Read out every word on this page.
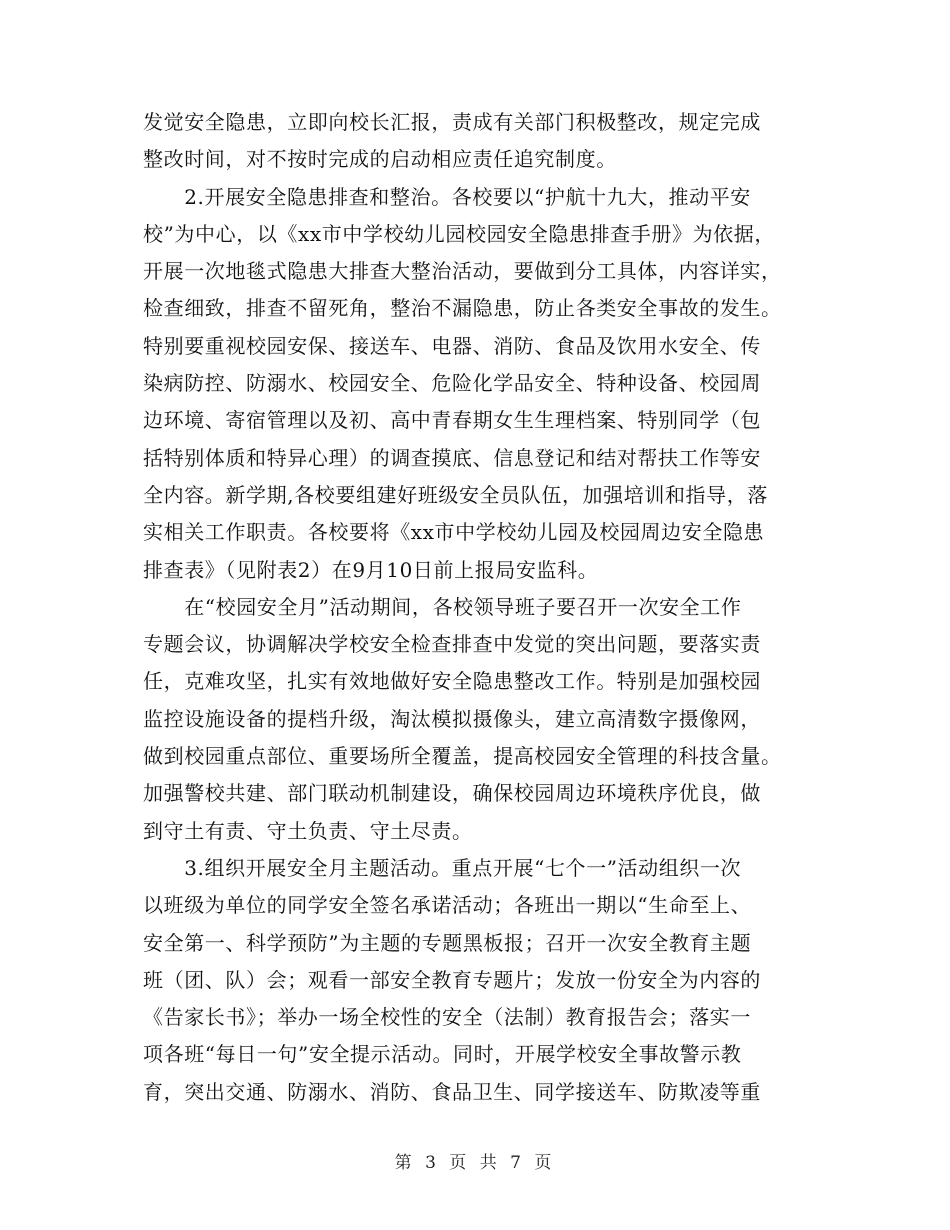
发觉安全隐患，立即向校长汇报，责成有关部门积极整改，规定完成
整改时间，对不按时完成的启动相应责任追究制度。
　　2.开展安全隐患排查和整治。各校要以“护航十九大，推动平安
校”为中心，以《xx市中学校幼儿园校园安全隐患排查手册》为依据，
开展一次地毯式隐患大排查大整治活动，要做到分工具体，内容详实，
检查细致，排查不留死角，整治不漏隐患，防止各类安全事故的发生。
特别要重视校园安保、接送车、电器、消防、食品及饮用水安全、传
染病防控、防溺水、校园安全、危险化学品安全、特种设备、校园周
边环境、寄宿管理以及初、高中青春期女生生理档案、特别同学（包
括特别体质和特异心理）的调查摸底、信息登记和结对帮扶工作等安
全内容。新学期,各校要组建好班级安全员队伍，加强培训和指导，落
实相关工作职责。各校要将《xx市中学校幼儿园及校园周边安全隐患
排查表》（见附表2）在9月10日前上报局安监科。
　　在“校园安全月”活动期间，各校领导班子要召开一次安全工作
专题会议，协调解决学校安全检查排查中发觉的突出问题，要落实责
任，克难攻坚，扎实有效地做好安全隐患整改工作。特别是加强校园
监控设施设备的提档升级，淘汰模拟摄像头，建立高清数字摄像网，
做到校园重点部位、重要场所全覆盖，提高校园安全管理的科技含量。
加强警校共建、部门联动机制建设，确保校园周边环境秩序优良，做
到守土有责、守土负责、守土尽责。
　　3.组织开展安全月主题活动。重点开展“七个一”活动组织一次
以班级为单位的同学安全签名承诺活动；各班出一期以“生命至上、
安全第一、科学预防”为主题的专题黑板报；召开一次安全教育主题
班（团、队）会；观看一部安全教育专题片；发放一份安全为内容的
《告家长书》；举办一场全校性的安全（法制）教育报告会；落实一
项各班“每日一句”安全提示活动。同时，开展学校安全事故警示教
育，突出交通、防溺水、消防、食品卫生、同学接送车、防欺凌等重
第 3 页 共 7 页
